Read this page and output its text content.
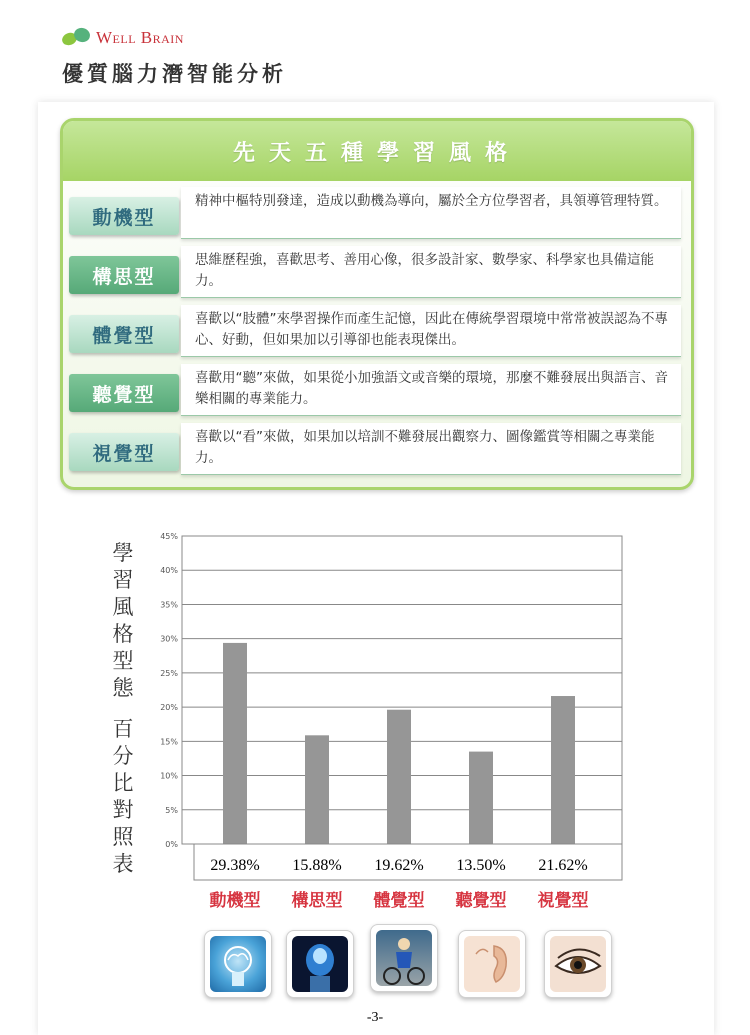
Well Brain
優質腦力潛智能分析
先天五種學習風格
動機型
精神中樞特別發達，造成以動機為導向，屬於全方位學習者，具領導管理特質。
構思型
思維歷程強，喜歡思考、善用心像，很多設計家、數學家、科學家也具備這能力。
體覺型
喜歡以“肢體”來學習操作而產生記憶，因此在傳統學習環境中常常被誤認為不專心、好動，但如果加以引導卻也能表現傑出。
聽覺型
喜歡用“聽”來做，如果從小加強語文或音樂的環境，那麼不難發展出與語言、音樂相關的專業能力。
視覺型
喜歡以“看”來做，如果加以培訓不難發展出觀察力、圖像鑑賞等相關之專業能力。
學
習
風
格
型
態

百
分
比
對
照
表
0%
5%
10%
15%
20%
25%
30%
35%
40%
45%
29.38%
動機型
15.88%
構思型
19.62%
體覺型
13.50%
聽覺型
21.62%
視覺型
-3-
